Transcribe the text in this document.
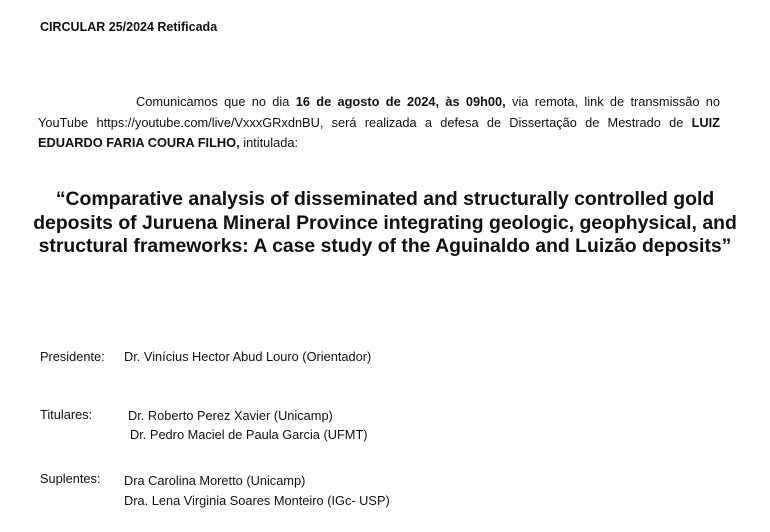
CIRCULAR 25/2024 Retificada
Comunicamos que no dia 16 de agosto de 2024, às 09h00, via remota, link de transmissão no YouTube https://youtube.com/live/VxxxGRxdnBU, será realizada a defesa de Dissertação de Mestrado de LUIZ EDUARDO FARIA COURA FILHO, intitulada:
“Comparative analysis of disseminated and structurally controlled gold deposits of Juruena Mineral Province integrating geologic, geophysical, and structural frameworks: A case study of the Aguinaldo and Luizão deposits”
Presidente: Dr. Vinícius Hector Abud Louro (Orientador)
Titulares:	Dr. Roberto Perez Xavier (Unicamp)
Dr. Pedro Maciel de Paula Garcia (UFMT)
Suplentes: Dra Carolina Moretto (Unicamp)
Dra. Lena Virginia Soares Monteiro (IGc- USP)
